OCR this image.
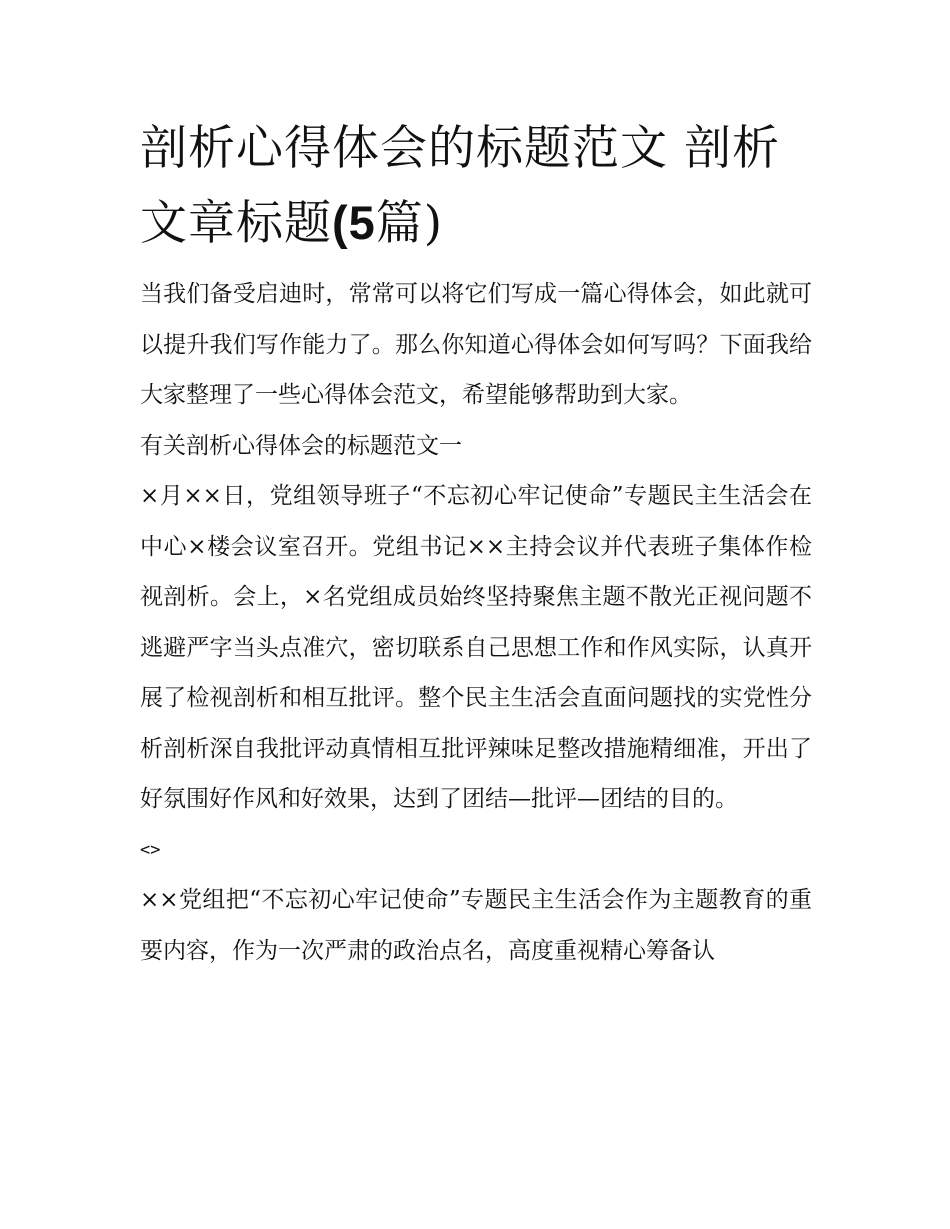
剖析心得体会的标题范文 剖析文章标题(5篇)

当我们备受启迪时，常常可以将它们写成一篇心得体会，如此就可以提升我们写作能力了。那么你知道心得体会如何写吗？下面我给大家整理了一些心得体会范文，希望能够帮助到大家。

有关剖析心得体会的标题范文一

×月××日，党组领导班子“不忘初心牢记使命”专题民主生活会在中心×楼会议室召开。党组书记××主持会议并代表班子集体作检视剖析。会上，×名党组成员始终坚持聚焦主题不散光正视问题不逃避严字当头点准穴，密切联系自己思想工作和作风实际，认真开展了检视剖析和相互批评。整个民主生活会直面问题找的实党性分析剖析深自我批评动真情相互批评辣味足整改措施精细准，开出了好氛围好作风和好效果，达到了团结—批评—团结的目的。

<>

××党组把“不忘初心牢记使命”专题民主生活会作为主题教育的重要内容，作为一次严肃的政治点名，高度重视精心筹备认
